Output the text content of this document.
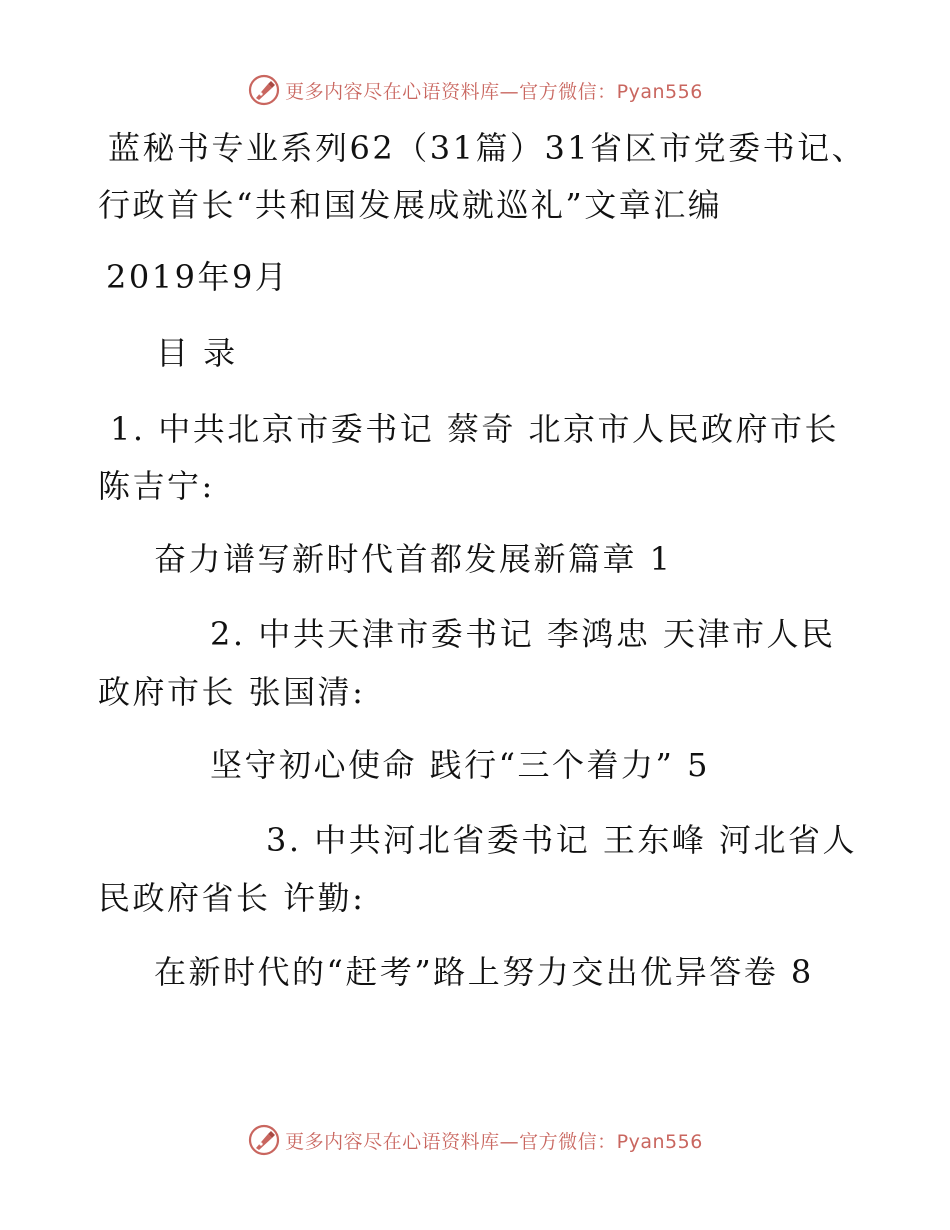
更多内容尽在心语资料库—官方微信：Pyan556
蓝秘书专业系列62（31篇）31省区市党委书记、
行政首长“共和国发展成就巡礼”文章汇编
2019年9月
目 录
1. 中共北京市委书记 蔡奇 北京市人民政府市长
陈吉宁:
奋力谱写新时代首都发展新篇章 1
2. 中共天津市委书记 李鸿忠 天津市人民
政府市长 张国清:
坚守初心使命 践行“三个着力” 5
3. 中共河北省委书记 王东峰 河北省人
民政府省长 许勤:
在新时代的“赶考”路上努力交出优异答卷 8
更多内容尽在心语资料库—官方微信：Pyan556
